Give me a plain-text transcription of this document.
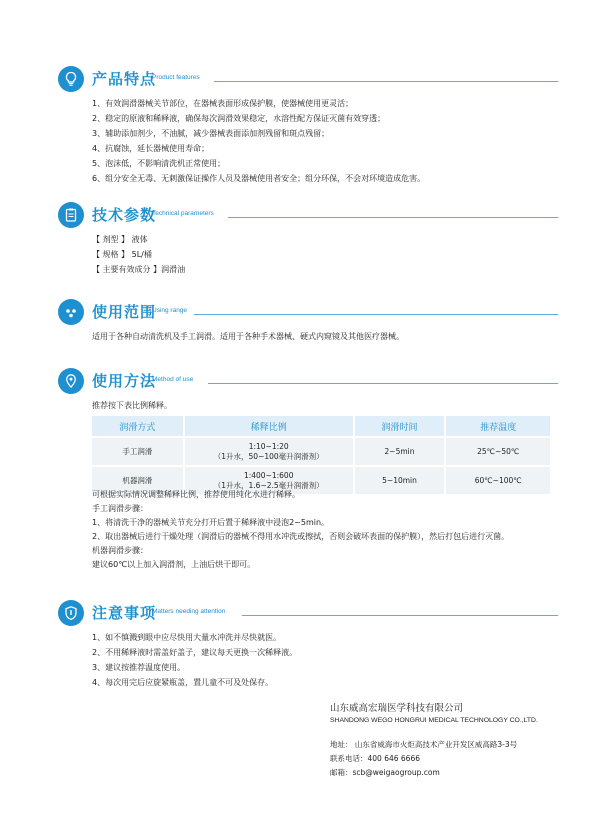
产品特点
Product features

1、有效润滑器械关节部位，在器械表面形成保护膜，使器械使用更灵活；

2、稳定的原液和稀释液，确保每次润滑效果稳定，水溶性配方保证灭菌有效穿透；

3、辅助添加剂少，不油腻，减少器械表面添加剂残留和斑点残留；

4、抗腐蚀，延长器械使用寿命；

5、泡沫低，不影响清洗机正常使用；

6、组分安全无毒、无刺激保证操作人员及器械使用者安全；组分环保，不会对环境造成危害。

技术参数
Technical parameters

【 剂型 】 液体

【 规格 】 5L/桶

【 主要有效成分 】润滑油

使用范围
Using range

适用于各种自动清洗机及手工润滑。适用于各种手术器械、硬式内窥镜及其他医疗器械。

使用方法
Method of use

推荐按下表比例稀释。

润滑方式	稀释比例	润滑时间	推荐温度
手工润滑	1:10~1:20
（1升水，50~100毫升润滑剂）	2~5min	25℃~50℃
机器润滑	1:400~1:600
（1升水，1.6~2.5毫升润滑剂）	5~10min	60℃~100℃

可根据实际情况调整稀释比例，推荐使用纯化水进行稀释。

手工润滑步骤：

1、将清洗干净的器械关节充分打开后置于稀释液中浸泡2~5min。

2、取出器械后进行干燥处理（润滑后的器械不得用水冲洗或擦拭，否则会破坏表面的保护膜），然后打包后进行灭菌。

机器润滑步骤：

建议60℃以上加入润滑剂，上油后烘干即可。

注意事项
Matters needing attention

1、如不慎溅到眼中应尽快用大量水冲洗并尽快就医。

2、不用稀释液时需盖好盖子，建议每天更换一次稀释液。

3、建议按推荐温度使用。

4、每次用完后应旋紧瓶盖，置儿童不可及处保存。

山东威高宏瑞医学科技有限公司
SHANDONG WEGO HONGRUI MEDICAL TECHNOLOGY CO.,LTD.
地址： 山东省威海市火炬高技术产业开发区威高路3-3号
联系电话：400 646 6666
邮箱：scb@weigaogroup.com
